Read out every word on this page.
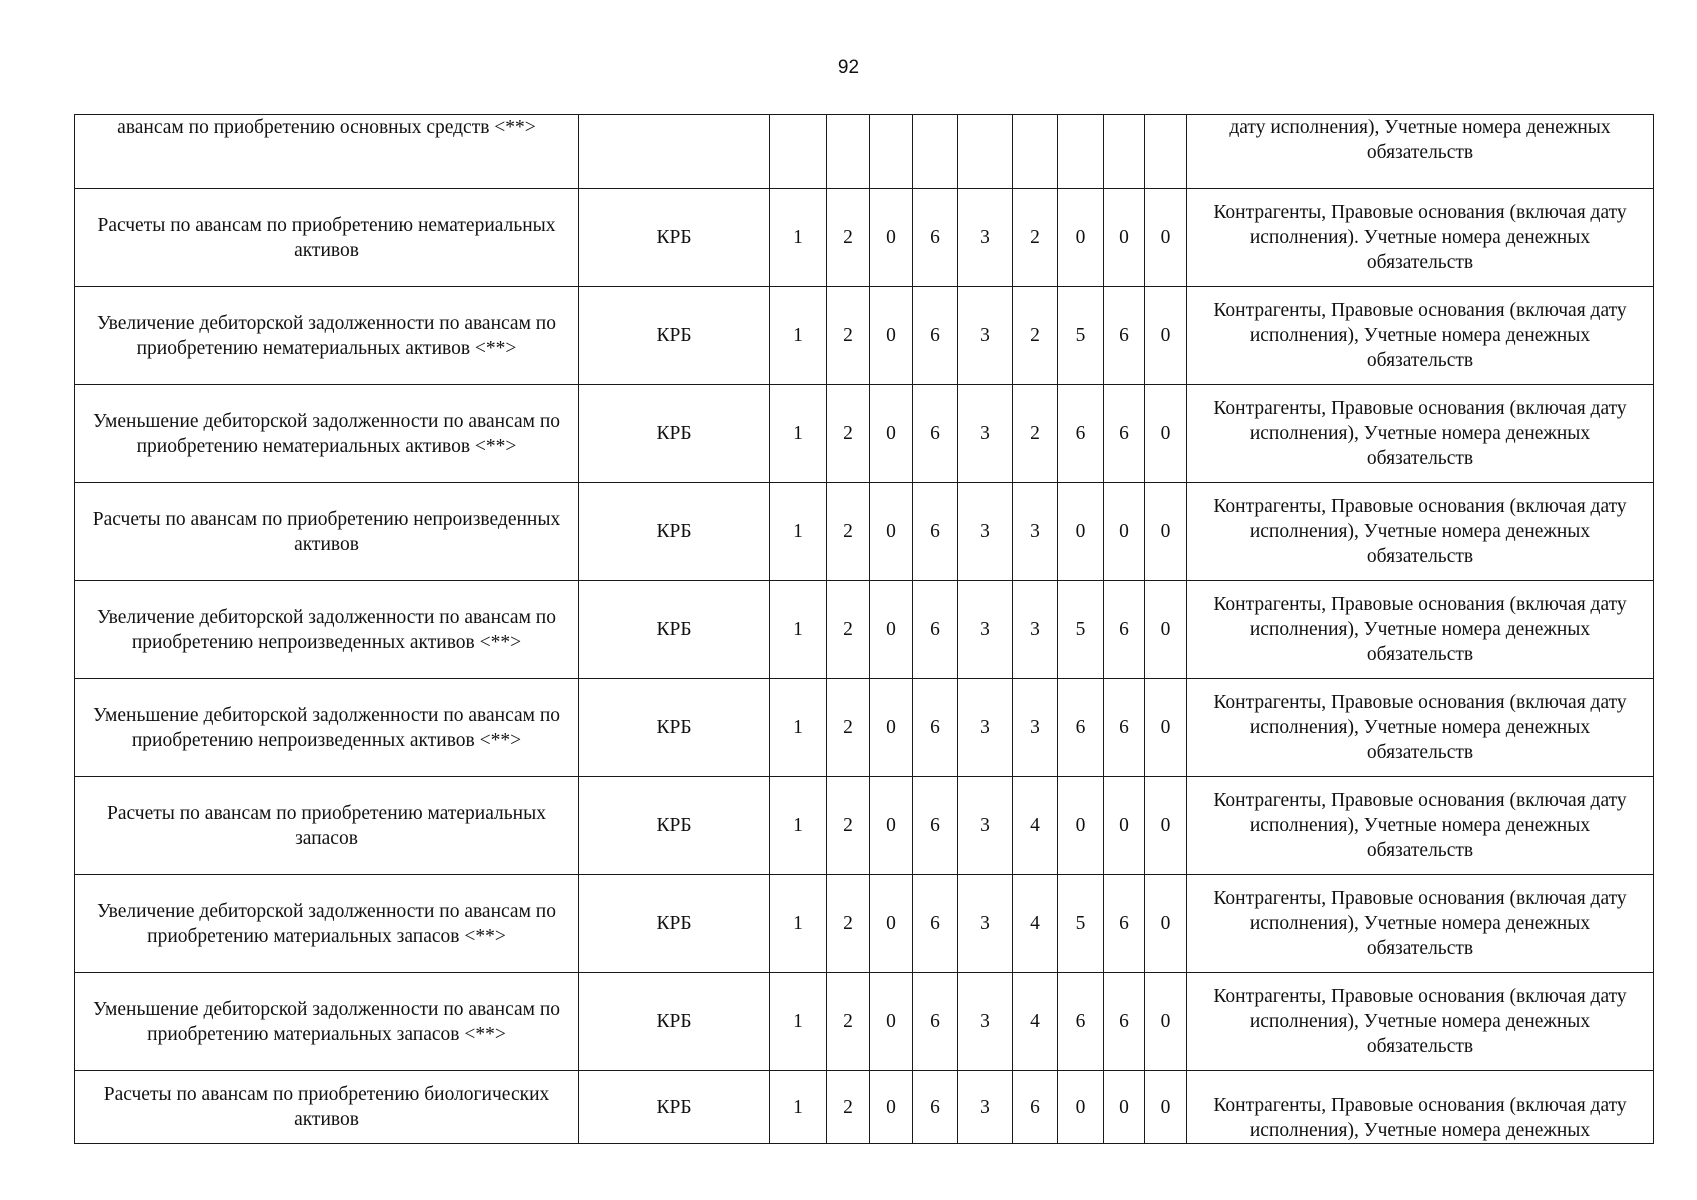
92
авансам по приобретению основных средств <**>											дату исполнения), Учетные номера денежных обязательств
Расчеты по авансам по приобретению нематериальных активов	КРБ	1	2	0	6	3	2	0	0	0	Контрагенты, Правовые основания (включая дату исполнения). Учетные номера денежных обязательств
Увеличение дебиторской задолженности по авансам по приобретению нематериальных активов <**>	КРБ	1	2	0	6	3	2	5	6	0	Контрагенты, Правовые основания (включая дату исполнения), Учетные номера денежных обязательств
Уменьшение дебиторской задолженности по авансам по приобретению нематериальных активов <**>	КРБ	1	2	0	6	3	2	6	6	0	Контрагенты, Правовые основания (включая дату исполнения), Учетные номера денежных обязательств
Расчеты по авансам по приобретению непроизведенных активов	КРБ	1	2	0	6	3	3	0	0	0	Контрагенты, Правовые основания (включая дату исполнения), Учетные номера денежных обязательств
Увеличение дебиторской задолженности по авансам по приобретению непроизведенных активов <**>	КРБ	1	2	0	6	3	3	5	6	0	Контрагенты, Правовые основания (включая дату исполнения), Учетные номера денежных обязательств
Уменьшение дебиторской задолженности по авансам по приобретению непроизведенных активов <**>	КРБ	1	2	0	6	3	3	6	6	0	Контрагенты, Правовые основания (включая дату исполнения), Учетные номера денежных обязательств
Расчеты по авансам по приобретению материальных запасов	КРБ	1	2	0	6	3	4	0	0	0	Контрагенты, Правовые основания (включая дату исполнения), Учетные номера денежных обязательств
Увеличение дебиторской задолженности по авансам по приобретению материальных запасов <**>	КРБ	1	2	0	6	3	4	5	6	0	Контрагенты, Правовые основания (включая дату исполнения), Учетные номера денежных обязательств
Уменьшение дебиторской задолженности по авансам по приобретению материальных запасов <**>	КРБ	1	2	0	6	3	4	6	6	0	Контрагенты, Правовые основания (включая дату исполнения), Учетные номера денежных обязательств
Расчеты по авансам по приобретению биологических активов	КРБ	1	2	0	6	3	6	0	0	0	Контрагенты, Правовые основания (включая дату исполнения), Учетные номера денежных
